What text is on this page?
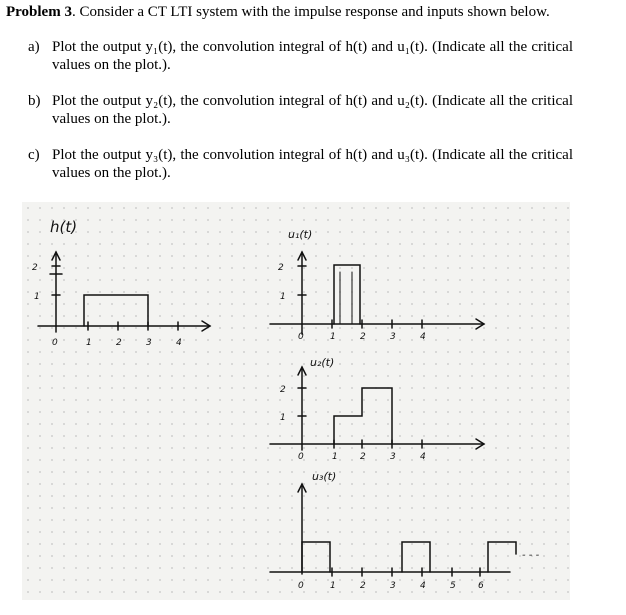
Problem 3. Consider a CT LTI system with the impulse response and inputs shown below.
a) Plot the output y₁(t), the convolution integral of h(t) and u₁(t). (Indicate all the critical values on the plot.).
b) Plot the output y₂(t), the convolution integral of h(t) and u₂(t). (Indicate all the critical values on the plot.).
c) Plot the output y₃(t), the convolution integral of h(t) and u₃(t). (Indicate all the critical values on the plot.).
h(t)
2
1
0	1	2	3	4
u₁(t)
2
1
0	1	2	3	4
u₂(t)
2
1
0	1 2	3	4
u₃(t)
0	1	2	3	4	5 6
- - -
